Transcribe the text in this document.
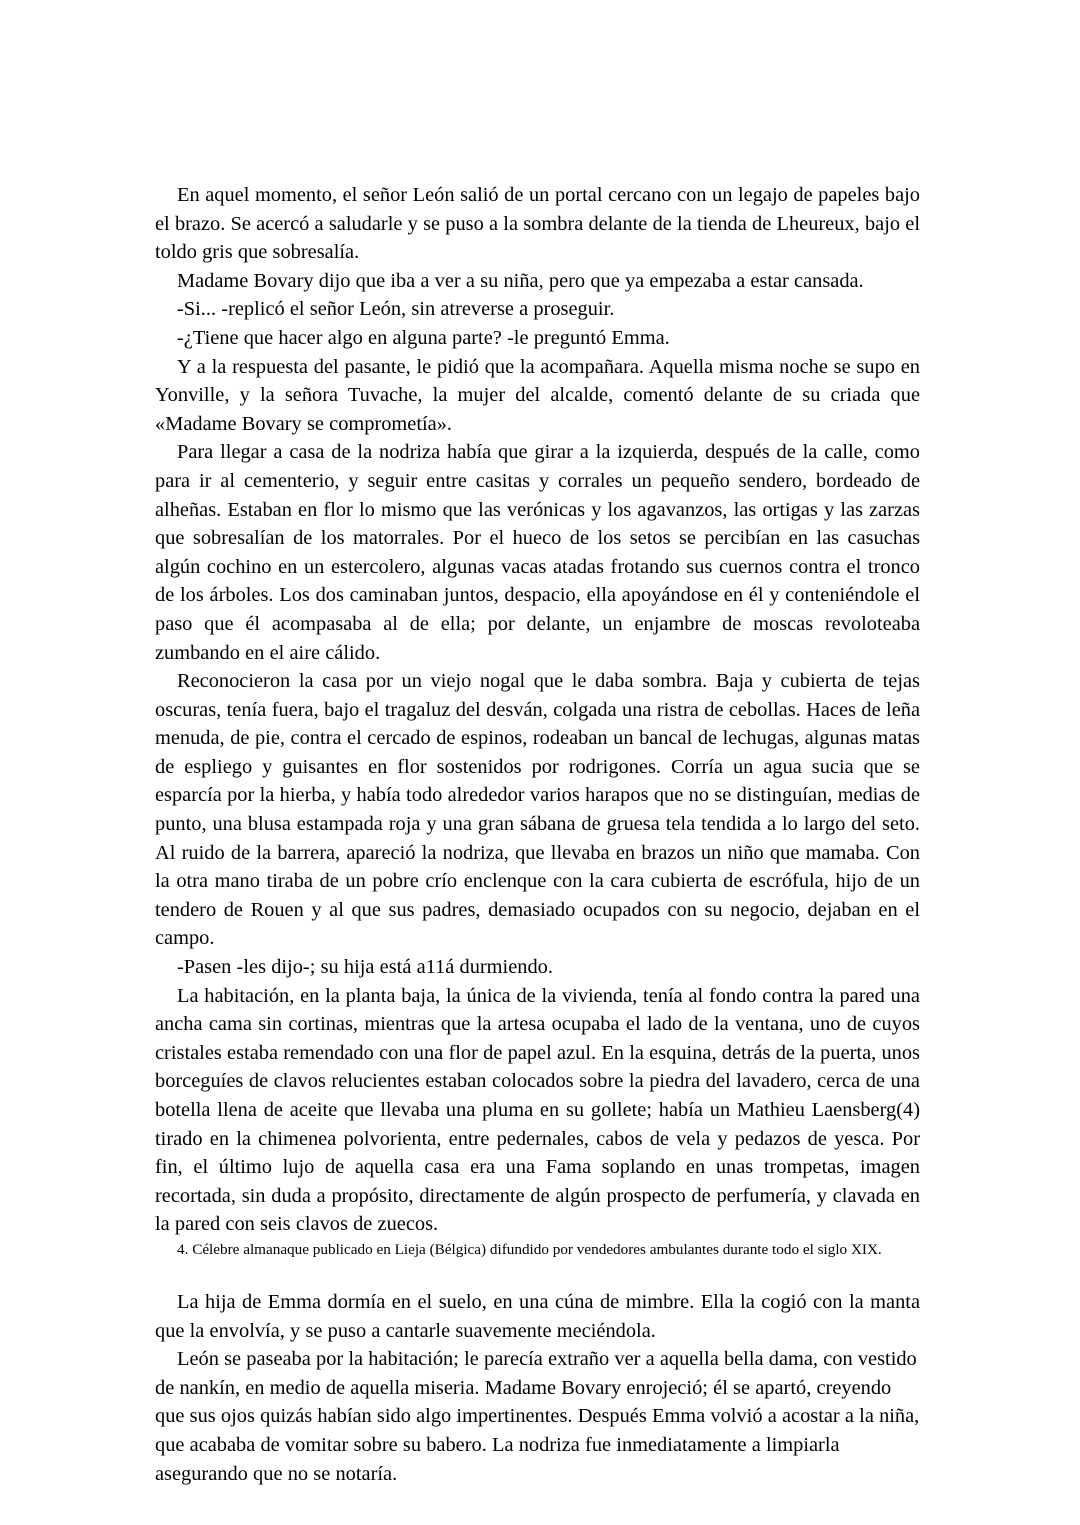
En aquel momento, el señor León salió de un portal cercano con un legajo de papeles bajo el brazo. Se acercó a saludarle y se puso a la sombra delante de la tienda de Lheureux, bajo el toldo gris que sobresalía.

Madame Bovary dijo que iba a ver a su niña, pero que ya empezaba a estar cansada.

-Si... -replicó el señor León, sin atreverse a proseguir.

-¿Tiene que hacer algo en alguna parte? -le preguntó Emma.

Y a la respuesta del pasante, le pidió que la acompañara. Aquella misma noche se supo en Yonville, y la señora Tuvache, la mujer del alcalde, comentó delante de su criada que «Madame Bovary se comprometía».

Para llegar a casa de la nodriza había que girar a la izquierda, después de la calle, como para ir al cementerio, y seguir entre casitas y corrales un pequeño sendero, bordeado de alheñas. Estaban en flor lo mismo que las verónicas y los agavanzos, las ortigas y las zarzas que sobresalían de los matorrales. Por el hueco de los setos se percibían en las casuchas algún cochino en un estercolero, algunas vacas atadas frotando sus cuernos contra el tronco de los árboles. Los dos caminaban juntos, despacio, ella apoyándose en él y conteniéndole el paso que él acompasaba al de ella; por delante, un enjambre de moscas revoloteaba zumbando en el aire cálido.

Reconocieron la casa por un viejo nogal que le daba sombra. Baja y cubierta de tejas oscuras, tenía fuera, bajo el tragaluz del desván, colgada una ristra de cebollas. Haces de leña menuda, de pie, contra el cercado de espinos, rodeaban un bancal de lechugas, algunas matas de espliego y guisantes en flor sostenidos por rodrigones. Corría un agua sucia que se esparcía por la hierba, y había todo alrededor varios harapos que no se distinguían, medias de punto, una blusa estampada roja y una gran sábana de gruesa tela tendida a lo largo del seto. Al ruido de la barrera, apareció la nodriza, que llevaba en brazos un niño que mamaba. Con la otra mano tiraba de un pobre crío enclenque con la cara cubierta de escrófula, hijo de un tendero de Rouen y al que sus padres, demasiado ocupados con su negocio, dejaban en el campo.

-Pasen -les dijo-; su hija está a11á durmiendo.

La habitación, en la planta baja, la única de la vivienda, tenía al fondo contra la pared una ancha cama sin cortinas, mientras que la artesa ocupaba el lado de la ventana, uno de cuyos cristales estaba remendado con una flor de papel azul. En la esquina, detrás de la puerta, unos borceguíes de clavos relucientes estaban colocados sobre la piedra del lavadero, cerca de una botella llena de aceite que llevaba una pluma en su gollete; había un Mathieu Laensberg(4) tirado en la chimenea polvorienta, entre pedernales, cabos de vela y pedazos de yesca. Por fin, el último lujo de aquella casa era una Fama soplando en unas trompetas, imagen recortada, sin duda a propósito, directamente de algún prospecto de perfumería, y clavada en la pared con seis clavos de zuecos.

4. Célebre almanaque publicado en Lieja (Bélgica) difundido por vendedores ambulantes durante todo el siglo XIX.

La hija de Emma dormía en el suelo, en una cúna de mimbre. Ella la cogió con la manta que la envolvía, y se puso a cantarle suavemente meciéndola.

León se paseaba por la habitación; le parecía extraño ver a aquella bella dama, con vestido de nankín, en medio de aquella miseria. Madame Bovary enrojeció; él se apartó, creyendo que sus ojos quizás habían sido algo impertinentes. Después Emma volvió a acostar a la niña, que acababa de vomitar sobre su babero. La nodriza fue inmediatamente a limpiarla asegurando que no se notaría.
